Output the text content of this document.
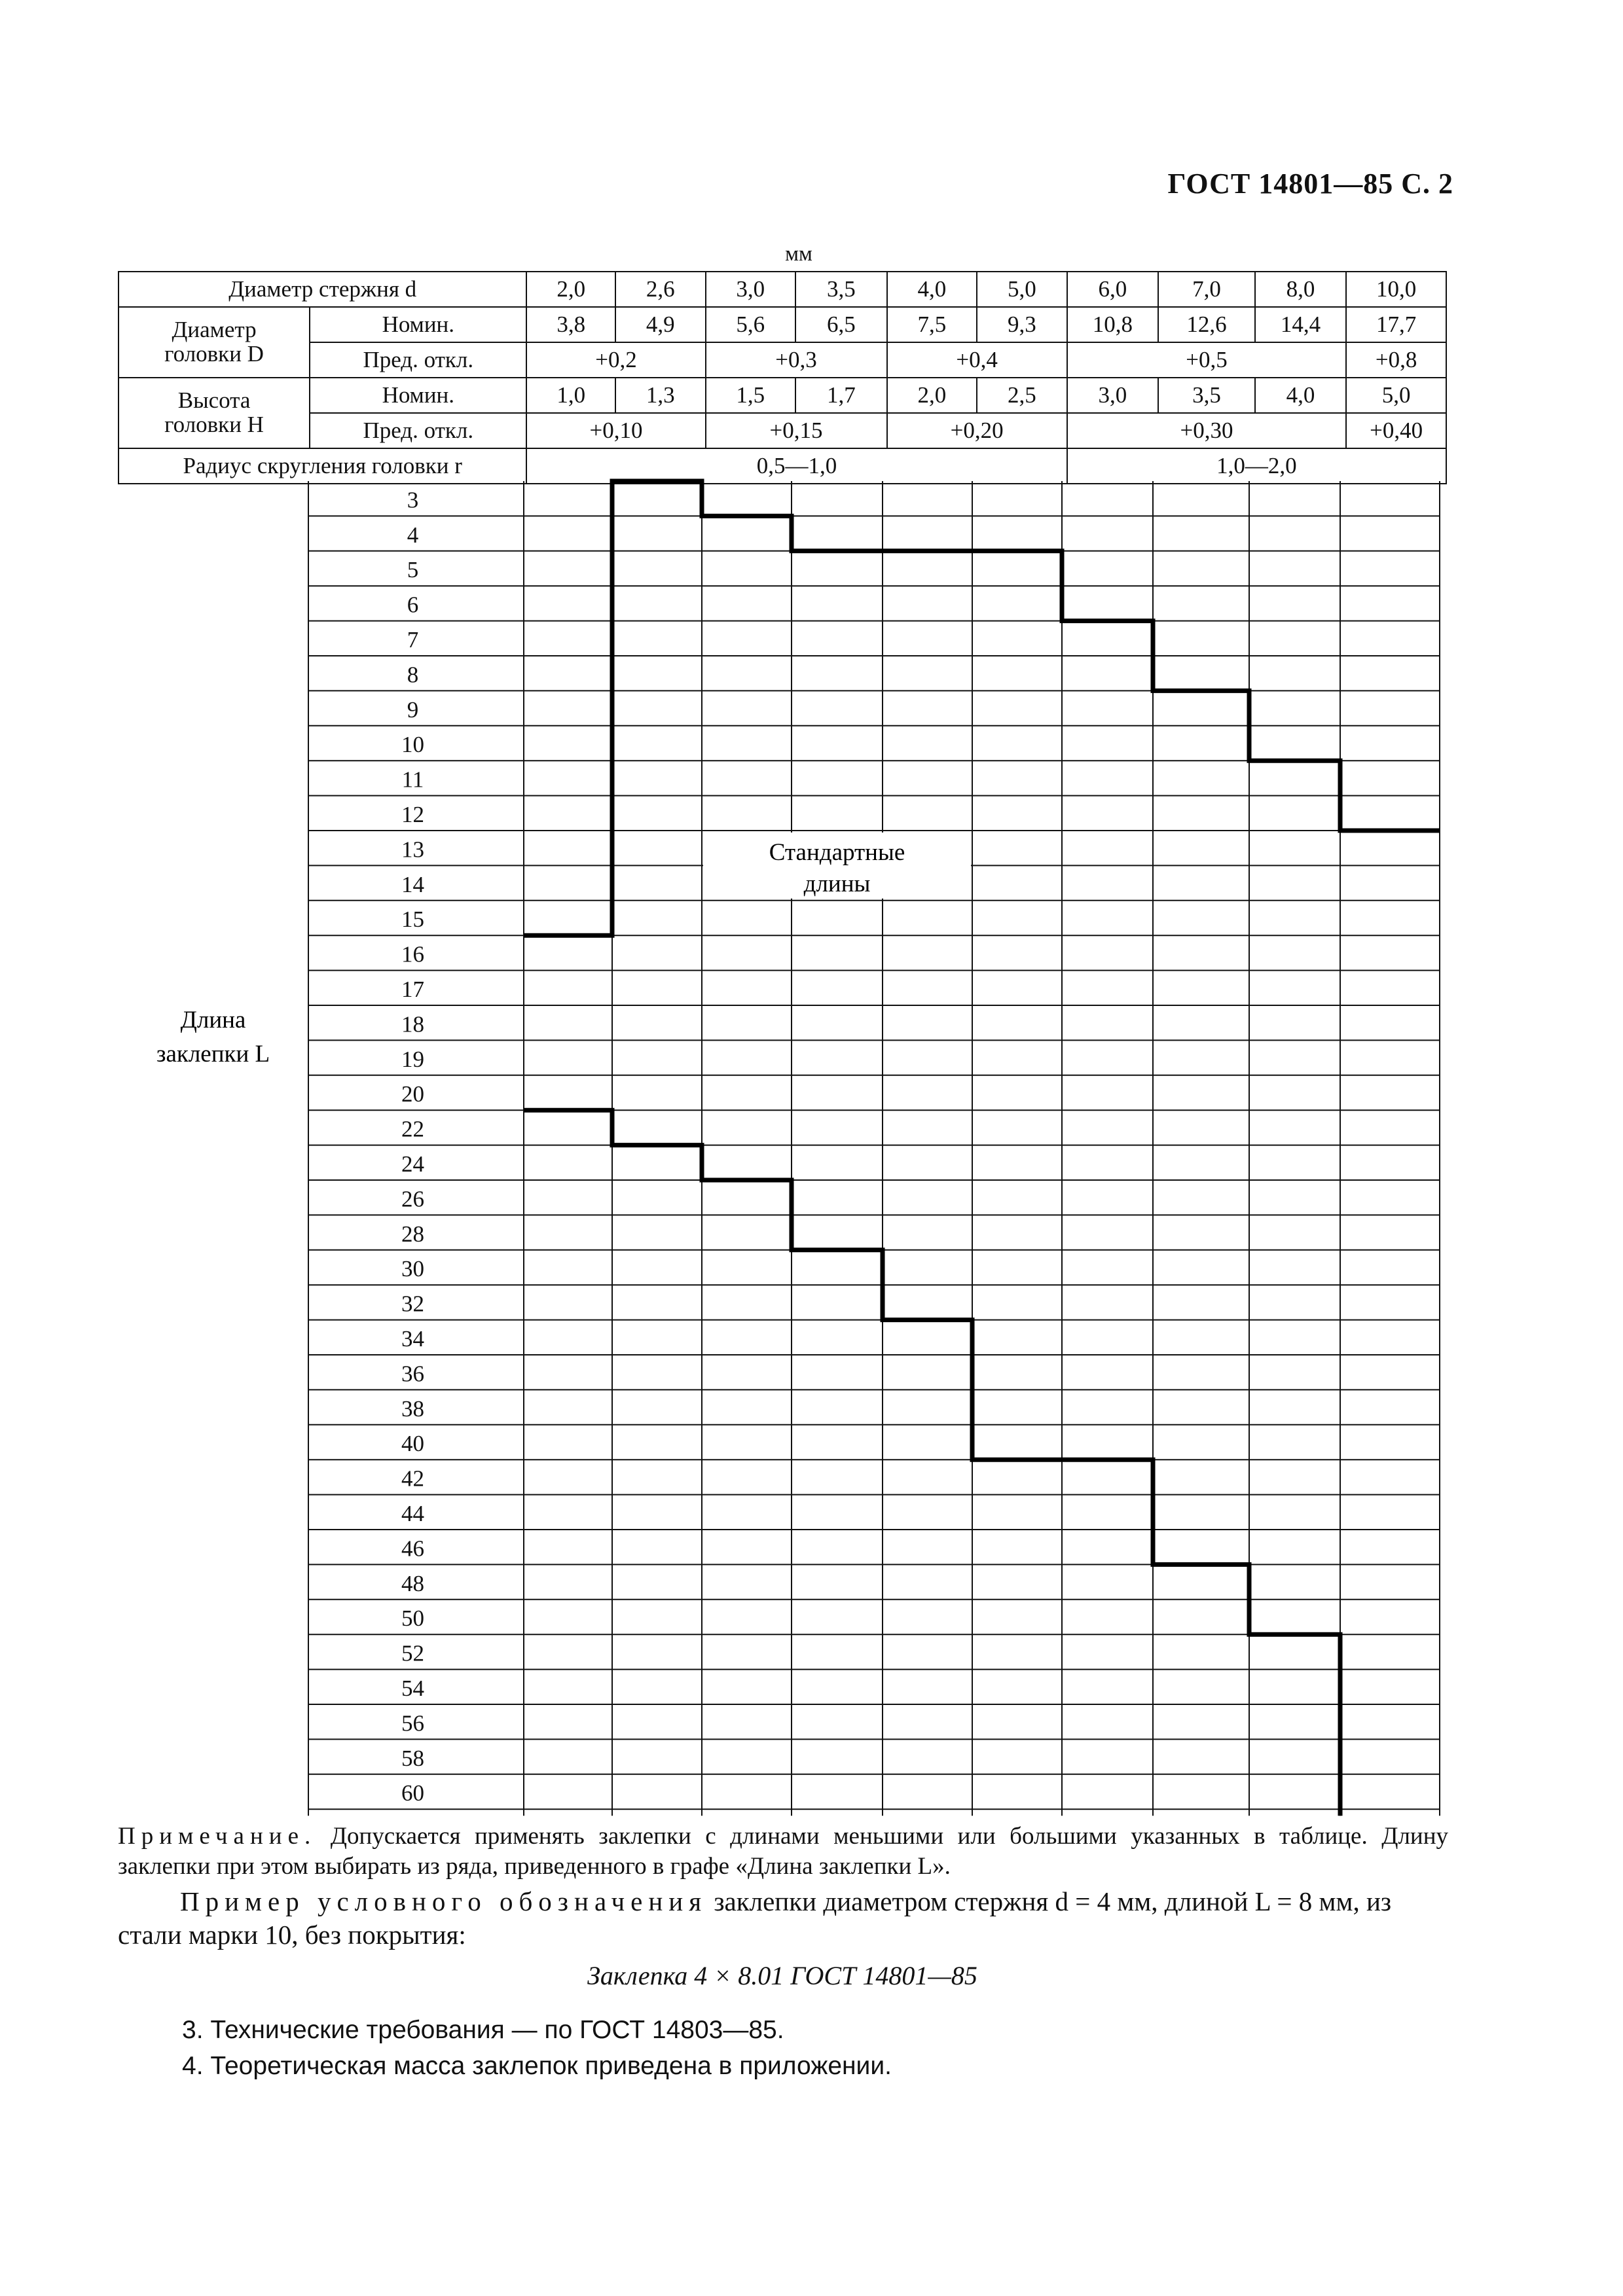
ГОСТ 14801—85 С. 2
мм
Диаметр стержня d		2,0	2,6	3,0	3,5	4,0	5,0	6,0	7,0	8,0	10,0
Диаметр головки D	Номин.	3,8	4,9	5,6	6,5	7,5	9,3	10,8	12,6	14,4	17,7
	Пред. откл.	+0,2		+0,3		+0,4		+0,5			+0,8
Высота головки H	Номин.	1,0	1,3	1,5	1,7	2,0	2,5	3,0	3,5	4,0	5,0
	Пред. откл.	+0,10		+0,15		+0,20		+0,30			+0,40
Радиус скругления головки r		0,5—1,0						1,0—2,0			
3
4
5
6
7
8
9
10
11
12
13
14
15
16
17
18
19
20
22
24
26
28
30
32
34
36
38
40
42
44
46
48
50
52
54
56
58
60
Стандартные
длины
Длина
заклепки L
Примечание. Допускается применять заклепки с длинами меньшими или большими указанных в таблице. Длину заклепки при этом выбирать из ряда, приведенного в графе «Длина заклепки L».
Пример условного обозначения заклепки диаметром стержня d = 4 мм, длиной L = 8 мм, из стали марки 10, без покрытия:
Заклепка 4 × 8.01 ГОСТ 14801—85
3. Технические требования — по ГОСТ 14803—85.
4. Теоретическая масса заклепок приведена в приложении.
